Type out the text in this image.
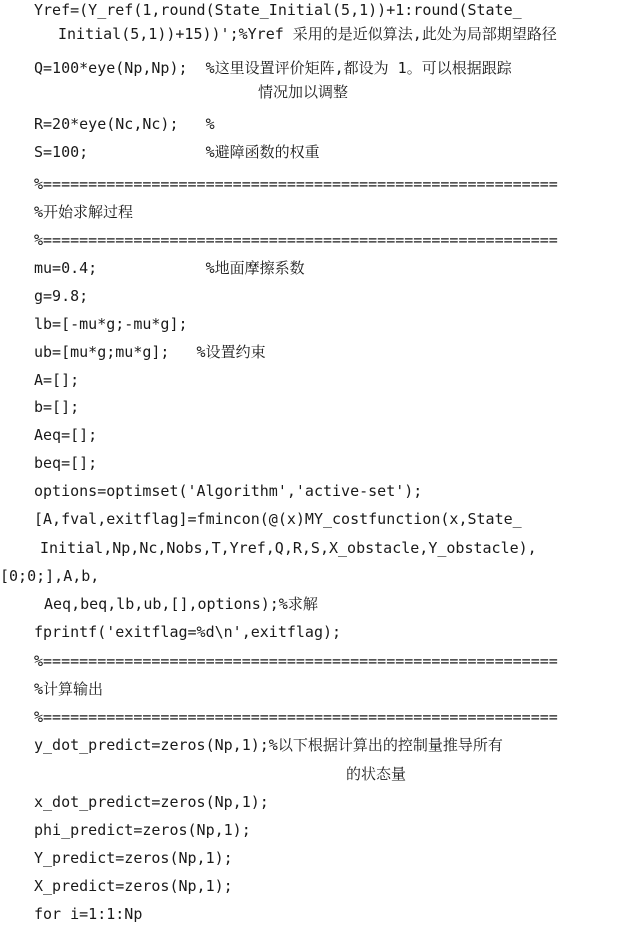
Yref=(Y_ref(1,round(State_Initial(5,1))+1:round(State_
Initial(5,1))+15))';%Yref 采用的是近似算法,此处为局部期望路径
Q=100*eye(Np,Np);  %这里设置评价矩阵,都设为 1。可以根据跟踪
情况加以调整
R=20*eye(Nc,Nc);   %
S=100;             %避障函数的权重
%=========================================================
%开始求解过程
%=========================================================
mu=0.4;            %地面摩擦系数
g=9.8;
lb=[-mu*g;-mu*g];
ub=[mu*g;mu*g];   %设置约束
A=[];
b=[];
Aeq=[];
beq=[];
options=optimset('Algorithm','active-set');
[A,fval,exitflag]=fmincon(@(x)MY_costfunction(x,State_
Initial,Np,Nc,Nobs,T,Yref,Q,R,S,X_obstacle,Y_obstacle),
[0;0;],A,b,
Aeq,beq,lb,ub,[],options);%求解
fprintf('exitflag=%d\n',exitflag);
%=========================================================
%计算输出
%=========================================================
y_dot_predict=zeros(Np,1);%以下根据计算出的控制量推导所有
的状态量
x_dot_predict=zeros(Np,1);
phi_predict=zeros(Np,1);
Y_predict=zeros(Np,1);
X_predict=zeros(Np,1);
for i=1:1:Np
